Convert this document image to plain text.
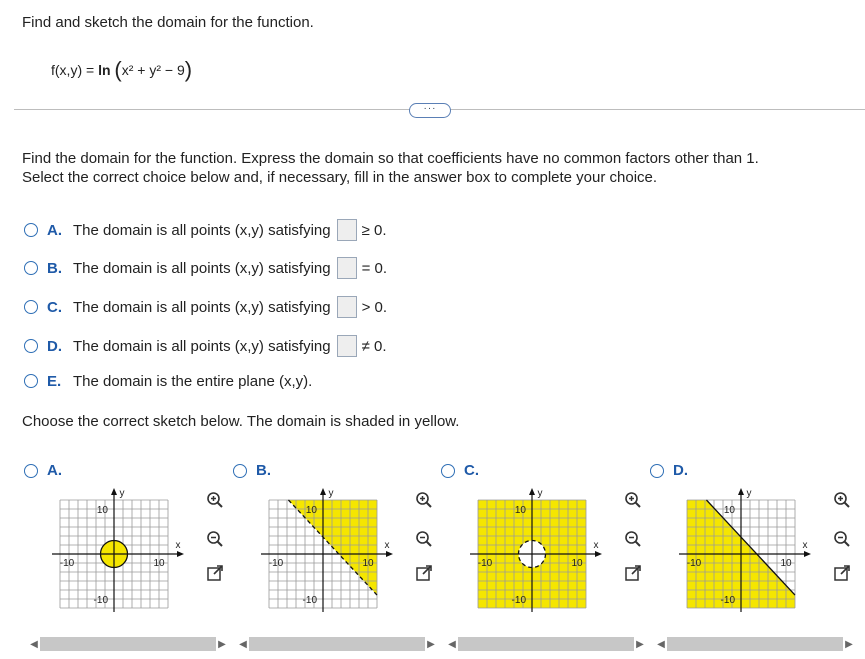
Find and sketch the domain for the function.
f(x,y) = ln (x² + y² − 9)
···
Find the domain for the function. Express the domain so that coefficients have no common factors other than 1.
Select the correct choice below and, if necessary, fill in the answer box to complete your choice.
A. The domain is all points (x,y) satisfying ≥ 0.
B. The domain is all points (x,y) satisfying = 0.
C. The domain is all points (x,y) satisfying > 0.
D. The domain is all points (x,y) satisfying ≠ 0.
E. The domain is the entire plane (x,y).
Choose the correct sketch below. The domain is shaded in yellow.
A.	B.	C.	D.
10
-10
10
-10
x
y
10
-10
10
-10
x
y
10
-10
10
-10
x
y
10
-10
10
-10
x
y
◀	▶ ◀	▶ ◀	▶ ◀	▶
